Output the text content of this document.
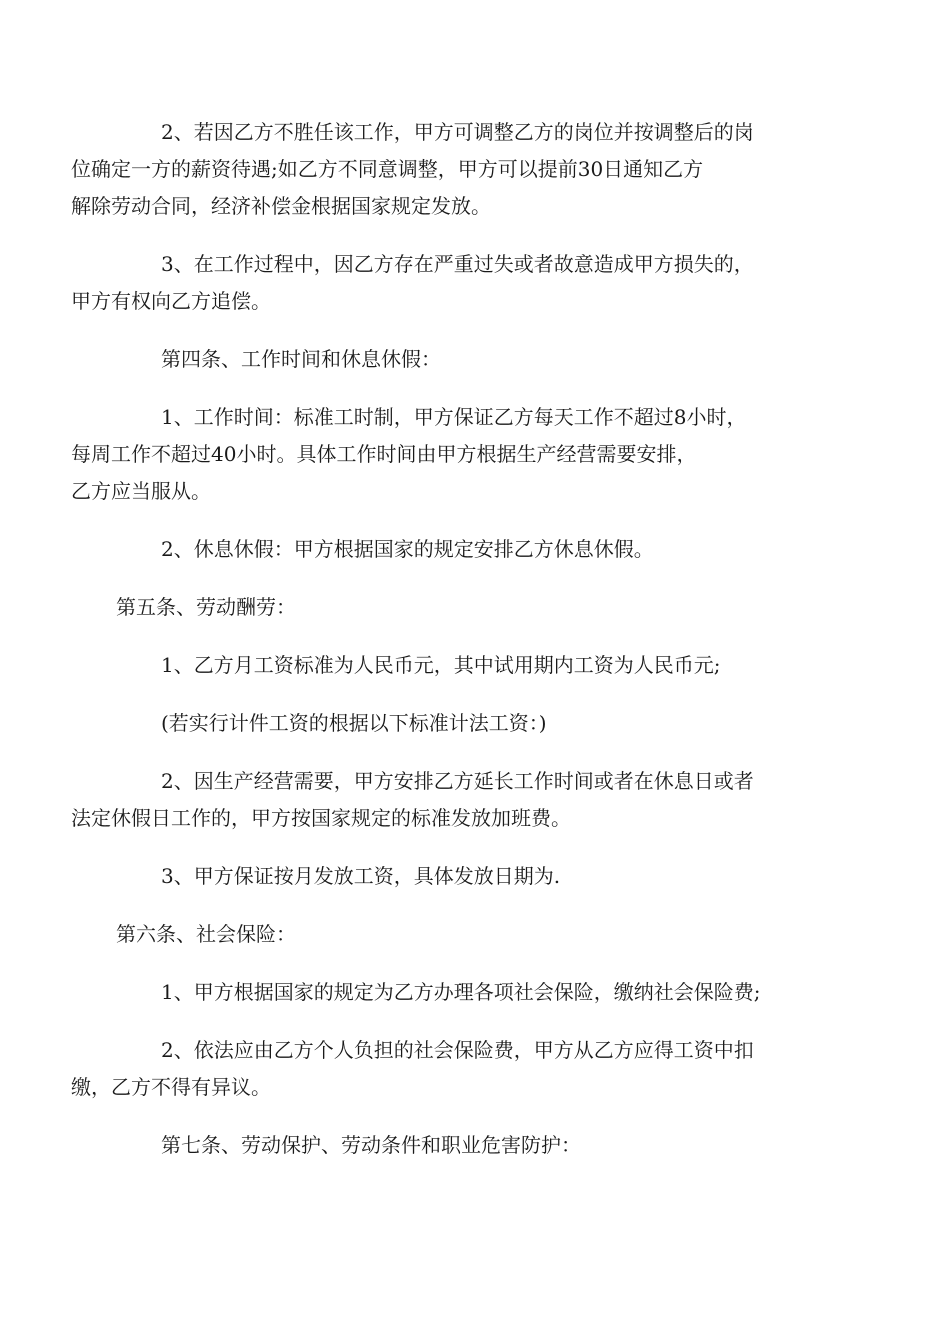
2、若因乙方不胜任该工作，甲方可调整乙方的岗位并按调整后的岗
位确定一方的薪资待遇;如乙方不同意调整，甲方可以提前30日通知乙方
解除劳动合同，经济补偿金根据国家规定发放。

3、在工作过程中，因乙方存在严重过失或者故意造成甲方损失的，
甲方有权向乙方追偿。

第四条、工作时间和休息休假：

1、工作时间：标准工时制，甲方保证乙方每天工作不超过8小时，
每周工作不超过40小时。具体工作时间由甲方根据生产经营需要安排，
乙方应当服从。

2、休息休假：甲方根据国家的规定安排乙方休息休假。

第五条、劳动酬劳：

1、乙方月工资标准为人民币元，其中试用期内工资为人民币元;

(若实行计件工资的根据以下标准计法工资：)

2、因生产经营需要，甲方安排乙方延长工作时间或者在休息日或者
法定休假日工作的，甲方按国家规定的标准发放加班费。

3、甲方保证按月发放工资，具体发放日期为.

第六条、社会保险：

1、甲方根据国家的规定为乙方办理各项社会保险，缴纳社会保险费;

2、依法应由乙方个人负担的社会保险费，甲方从乙方应得工资中扣
缴，乙方不得有异议。

第七条、劳动保护、劳动条件和职业危害防护：
